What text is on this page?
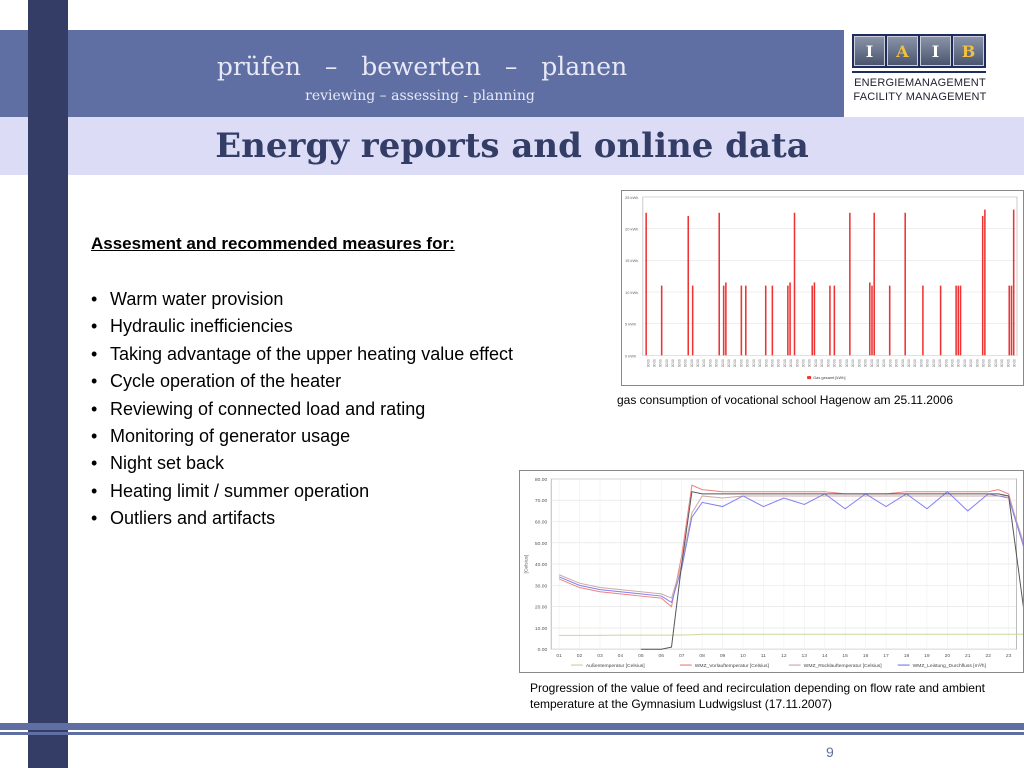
prüfen   –   bewerten   –   planen
reviewing – assessing - planning
I	A	I	B
ENERGIEMANAGEMENT
FACILITY MANAGEMENT
Energy reports and online data
Assesment and recommended measures for:
• Warm water provision
• Hydraulic inefficiencies
• Taking advantage of the upper heating value effect
• Cycle operation of the heater
• Reviewing of connected load and rating
• Monitoring of generator usage
• Night set back
• Heating limit / summer operation
• Outliers and artifacts
0 kWh
5 kWh
10 kWh
15 kWh
20 kWh
25 kWh
00:00 00:00 00:00 00:00 00:00 00:00 00:00 00:00 00:00 00:00 00:00 00:00 00:00 00:00 00:00 00:00 00:00 00:00 00:00 00:00 00:00 00:00 00:00 00:00 00:00 00:00 00:00 00:00 00:00 00:00 00:00 00:00 00:00 00:00 00:00 00:00 00:00 00:00 00:00 00:00 00:00 00:00 00:00 00:00 00:00 00:00 00:00 00:00 00:00 00:00 00:00 00:00 00:00 00:00 00:00 00:00 00:00 00:00 00:00 00:00
Gas gesamt [kWh]
gas consumption of vocational school Hagenow am 25.11.2006
0.00
10.00
20.00
30.00
40.00
50.00
60.00
70.00
80.00
01	02	03	04	05	06	07	08	09	10	11	12	13	14	15	16	17	18	19	20	21	22	23
[Celsius]
Außentemperatur [Celsius]	WMZ_Vorlauftemperatur [Celsius]	WMZ_Rücklauftemperatur [Celsius]	WMZ_Leistung_Durchfluss [m³/h]
Progression of the value of feed and recirculation depending on flow rate and ambient temperature at the Gymnasium Ludwigslust (17.11.2007)
9
